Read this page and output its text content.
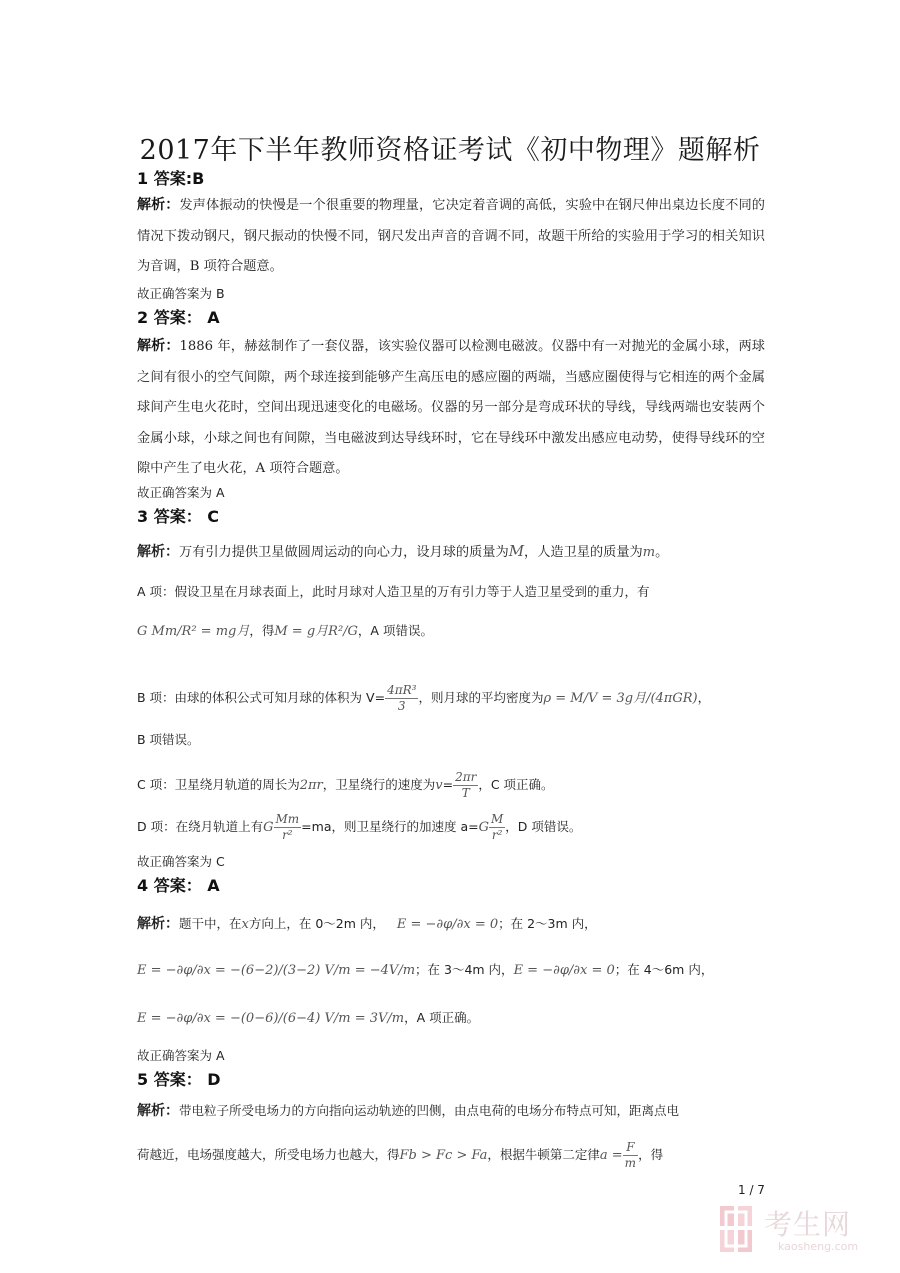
2017年下半年教师资格证考试《初中物理》题解析
1 答案:B
解析：发声体振动的快慢是一个很重要的物理量，它决定着音调的高低，实验中在钢尺伸出桌边长度不同的情况下拨动钢尺，钢尺振动的快慢不同，钢尺发出声音的音调不同，故题干所给的实验用于学习的相关知识为音调，B 项符合题意。
故正确答案为 B
2 答案： A
解析：1886 年，赫兹制作了一套仪器，该实验仪器可以检测电磁波。仪器中有一对抛光的金属小球，两球之间有很小的空气间隙，两个球连接到能够产生高压电的感应圈的两端，当感应圈使得与它相连的两个金属球间产生电火花时，空间出现迅速变化的电磁场。仪器的另一部分是弯成环状的导线，导线两端也安装两个金属小球，小球之间也有间隙，当电磁波到达导线环时，它在导线环中激发出感应电动势，使得导线环的空隙中产生了电火花，A 项符合题意。
故正确答案为 A
3 答案： C
解析：万有引力提供卫星做圆周运动的向心力，设月球的质量为M，人造卫星的质量为m。
A 项：假设卫星在月球表面上，此时月球对人造卫星的万有引力等于人造卫星受到的重力，有
G Mm/R² = mg月，得M = g月R²/G，A 项错误。
B 项：由球的体积公式可知月球的体积为 $V= \frac{\text{4πR³}}{3}$ ，则月球的平均密度为ρ = M/V = 3g月/(4πGR)，
B 项错误。
C 项：卫星绕月轨道的周长为2πr，卫星绕行的速度为$v= \frac{2\pi r}{T}$ ，C 项正确。
D 项：在绕月轨道上有G $\frac{Mm}{\text{r²}} =ma$，则卫星绕行的加速度 $a=G \frac{M}{\text{r²}}$ ，D 项错误。
故正确答案为 C
4 答案： A
解析：题干中，在x方向上，在 0～2m 内， E = −∂φ/∂x = 0；在 2～3m 内，
E = −∂φ/∂x = −(6−2)/(3−2) V/m = −4V/m；在 3～4m 内，E = −∂φ/∂x = 0；在 4～6m 内，
E = −∂φ/∂x = −(0−6)/(6−4) V/m = 3V/m，A 项正确。
故正确答案为 A
5 答案： D
解析：带电粒子所受电场力的方向指向运动轨迹的凹侧，由点电荷的电场分布特点可知，距离点电
荷越近，电场强度越大，所受电场力也越大，得Fb > Fc > Fa，根据牛顿第二定律$a = \frac{F}{m}$ ，得
1 / 7
考生网
kaosheng.com
